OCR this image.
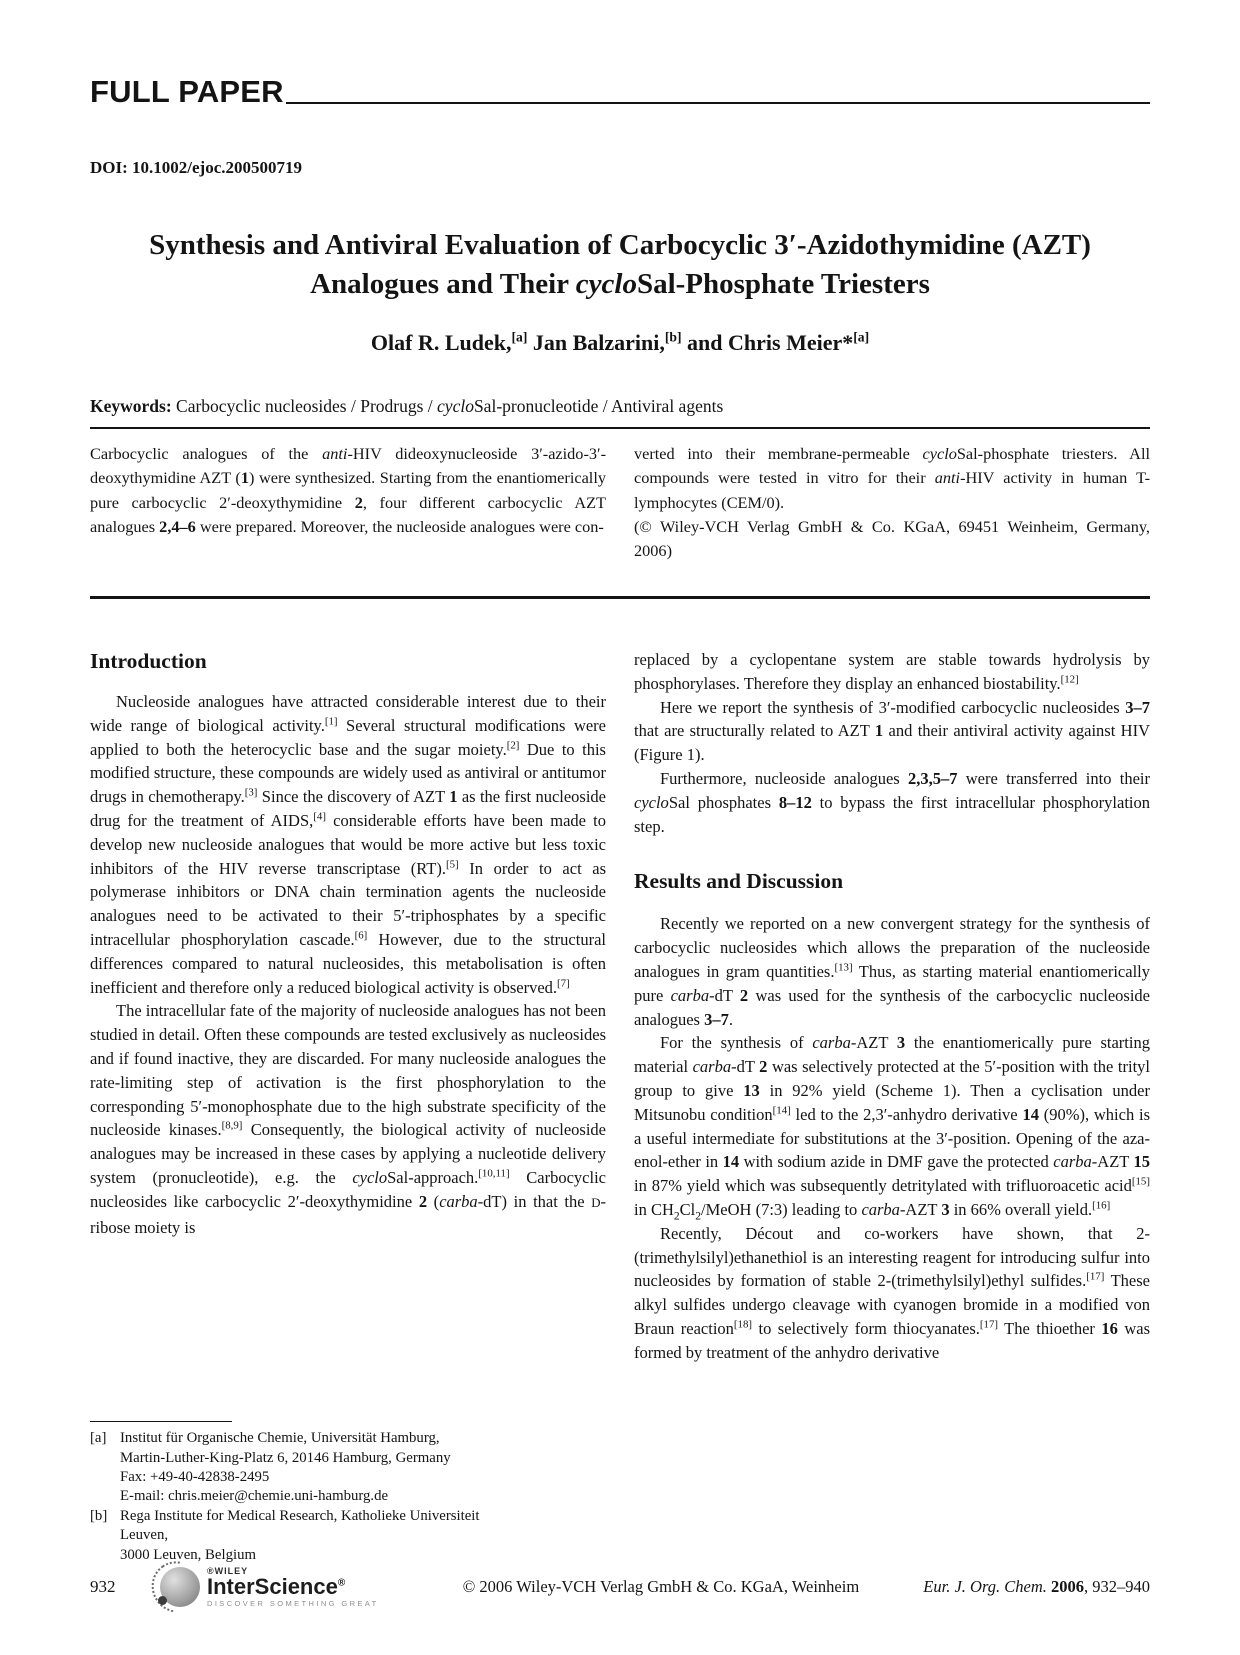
FULL PAPER
DOI: 10.1002/ejoc.200500719
Synthesis and Antiviral Evaluation of Carbocyclic 3′-Azidothymidine (AZT)
Analogues and Their cycloSal-Phosphate Triesters
Olaf R. Ludek,[a] Jan Balzarini,[b] and Chris Meier*[a]
Keywords: Carbocyclic nucleosides / Prodrugs / cycloSal-pronucleotide / Antiviral agents

Carbocyclic analogues of the anti-HIV dideoxynucleoside 3′-azido-3′-deoxythymidine AZT (1) were synthesized. Starting from the enantiomerically pure carbocyclic 2′-deoxythymidine 2, four different carbocyclic AZT analogues 2,4–6 were prepared. Moreover, the nucleoside analogues were con-

verted into their membrane-permeable cycloSal-phosphate triesters. All compounds were tested in vitro for their anti-HIV activity in human T-lymphocytes (CEM/0).

(© Wiley-VCH Verlag GmbH & Co. KGaA, 69451 Weinheim, Germany, 2006)

Introduction

Nucleoside analogues have attracted considerable interest due to their wide range of biological activity.[1] Several structural modifications were applied to both the heterocyclic base and the sugar moiety.[2] Due to this modified structure, these compounds are widely used as antiviral or antitumor drugs in chemotherapy.[3] Since the discovery of AZT 1 as the first nucleoside drug for the treatment of AIDS,[4] considerable efforts have been made to develop new nucleoside analogues that would be more active but less toxic inhibitors of the HIV reverse transcriptase (RT).[5] In order to act as polymerase inhibitors or DNA chain termination agents the nucleoside analogues need to be activated to their 5′-triphosphates by a specific intracellular phosphorylation cascade.[6] However, due to the structural differences compared to natural nucleosides, this metabolisation is often inefficient and therefore only a reduced biological activity is observed.[7]

The intracellular fate of the majority of nucleoside analogues has not been studied in detail. Often these compounds are tested exclusively as nucleosides and if found inactive, they are discarded. For many nucleoside analogues the rate-limiting step of activation is the first phosphorylation to the corresponding 5′-monophosphate due to the high substrate specificity of the nucleoside kinases.[8,9] Consequently, the biological activity of nucleoside analogues may be increased in these cases by applying a nucleotide delivery system (pronucleotide), e.g. the cycloSal-approach.[10,11] Carbocyclic nucleosides like carbocyclic 2′-deoxythymidine 2 (carba-dT) in that the D-ribose moiety is

[a] Institut für Organische Chemie, Universität Hamburg,
Martin-Luther-King-Platz 6, 20146 Hamburg, Germany
Fax: +49-40-42838-2495
E-mail: chris.meier@chemie.uni-hamburg.de
[b] Rega Institute for Medical Research, Katholieke Universiteit
Leuven,
3000 Leuven, Belgium

replaced by a cyclopentane system are stable towards hydrolysis by phosphorylases. Therefore they display an enhanced biostability.[12]

Here we report the synthesis of 3′-modified carbocyclic nucleosides 3–7 that are structurally related to AZT 1 and their antiviral activity against HIV (Figure 1).

Furthermore, nucleoside analogues 2,3,5–7 were transferred into their cycloSal phosphates 8–12 to bypass the first intracellular phosphorylation step.

Results and Discussion

Recently we reported on a new convergent strategy for the synthesis of carbocyclic nucleosides which allows the preparation of the nucleoside analogues in gram quantities.[13] Thus, as starting material enantiomerically pure carba-dT 2 was used for the synthesis of the carbocyclic nucleoside analogues 3–7.

For the synthesis of carba-AZT 3 the enantiomerically pure starting material carba-dT 2 was selectively protected at the 5′-position with the trityl group to give 13 in 92% yield (Scheme 1). Then a cyclisation under Mitsunobu condition[14] led to the 2,3′-anhydro derivative 14 (90%), which is a useful intermediate for substitutions at the 3′-position. Opening of the aza-enol-ether in 14 with sodium azide in DMF gave the protected carba-AZT 15 in 87% yield which was subsequently detritylated with trifluoroacetic acid[15] in $CH_2Cl_2$/MeOH (7:3) leading to carba-AZT 3 in 66% overall yield.[16]

Recently, Décout and co-workers have shown, that 2-(trimethylsilyl)ethanethiol is an interesting reagent for introducing sulfur into nucleosides by formation of stable 2-(trimethylsilyl)ethyl sulfides.[17] These alkyl sulfides undergo cleavage with cyanogen bromide in a modified von Braun reaction[18] to selectively form thiocyanates.[17] The thioether 16 was formed by treatment of the anhydro derivative

932
®WILEY
InterScience®
DISCOVER SOMETHING GREAT
© 2006 Wiley-VCH Verlag GmbH & Co. KGaA, Weinheim	Eur. J. Org. Chem. 2006, 932–940
